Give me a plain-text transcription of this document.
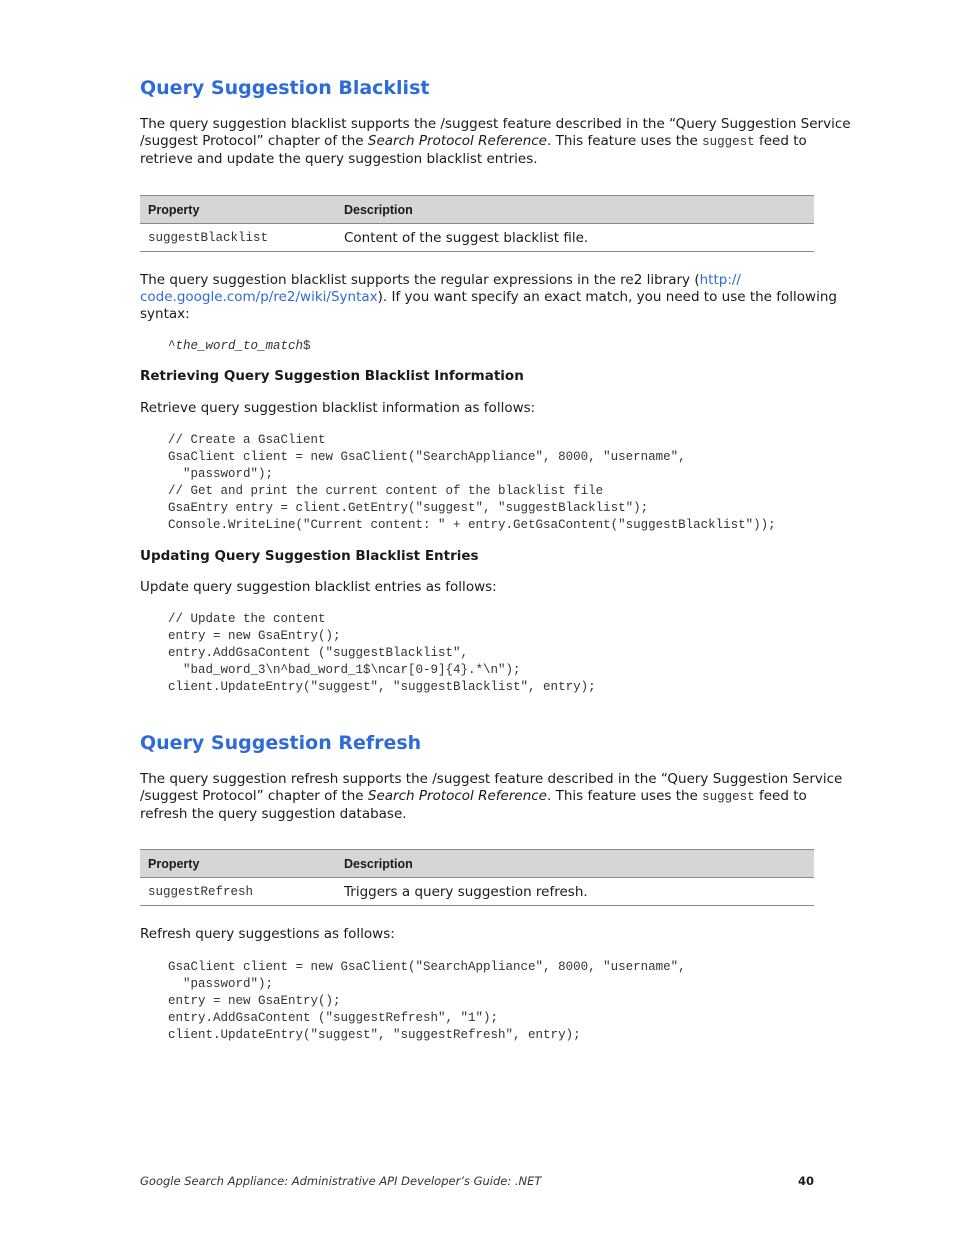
Query Suggestion Blacklist

The query suggestion blacklist supports the /suggest feature described in the “Query Suggestion Service
/suggest Protocol” chapter of the Search Protocol Reference. This feature uses the suggest feed to
retrieve and update the query suggestion blacklist entries.

Property	Description
suggestBlacklist	Content of the suggest blacklist file.

The query suggestion blacklist supports the regular expressions in the re2 library (http://
code.google.com/p/re2/wiki/Syntax). If you want specify an exact match, you need to use the following
syntax:

^the_word_to_match$
Retrieving Query Suggestion Blacklist Information

Retrieve query suggestion blacklist information as follows:

// Create a GsaClient
GsaClient client = new GsaClient("SearchAppliance", 8000, "username",
"password");
// Get and print the current content of the blacklist file
GsaEntry entry = client.GetEntry("suggest", "suggestBlacklist");
Console.WriteLine("Current content: " + entry.GetGsaContent("suggestBlacklist"));
Updating Query Suggestion Blacklist Entries

Update query suggestion blacklist entries as follows:

// Update the content
entry = new GsaEntry();
entry.AddGsaContent ("suggestBlacklist",
"bad_word_3\n^bad_word_1$\ncar[0-9]{4}.*\n");
client.UpdateEntry("suggest", "suggestBlacklist", entry);
Query Suggestion Refresh

The query suggestion refresh supports the /suggest feature described in the “Query Suggestion Service
/suggest Protocol” chapter of the Search Protocol Reference. This feature uses the suggest feed to
refresh the query suggestion database.

Property	Description
suggestRefresh	Triggers a query suggestion refresh.

Refresh query suggestions as follows:

GsaClient client = new GsaClient("SearchAppliance", 8000, "username",
"password");
entry = new GsaEntry();
entry.AddGsaContent ("suggestRefresh", "1");
client.UpdateEntry("suggest", "suggestRefresh", entry);
Google Search Appliance: Administrative API Developer’s Guide: .NET	40
